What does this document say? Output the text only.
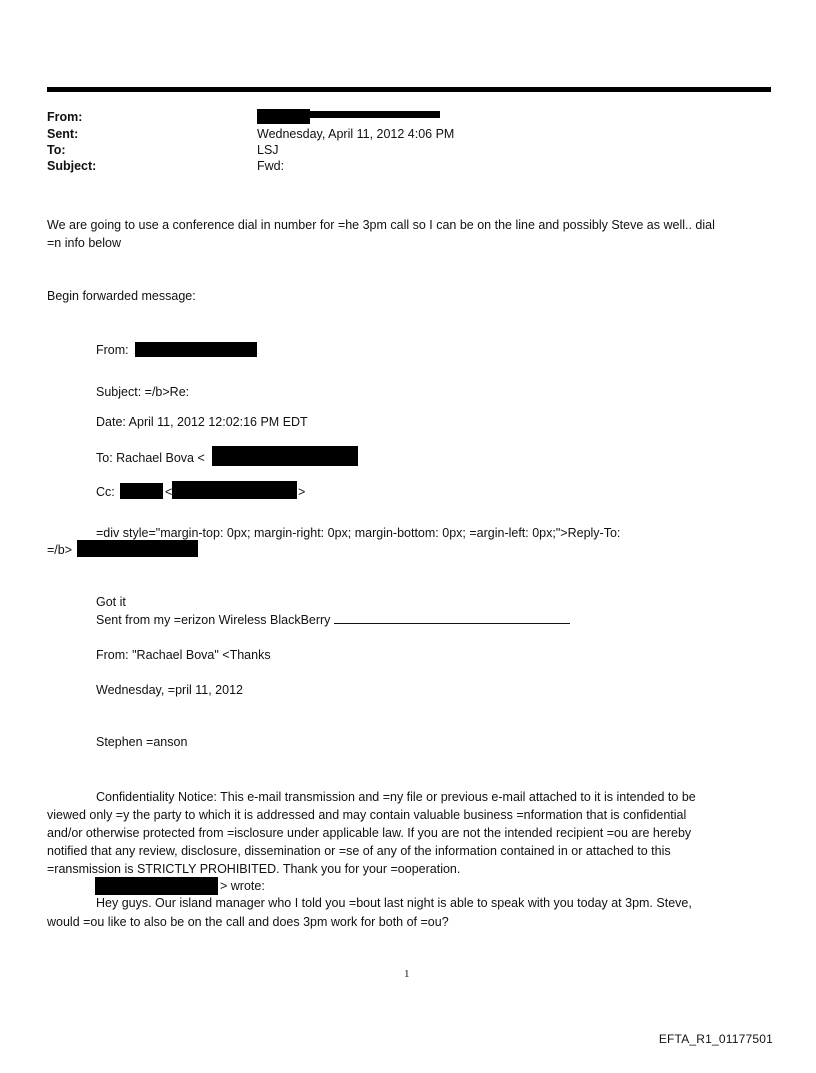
From:
Sent:	Wednesday, April 11, 2012 4:06 PM
To:	LSJ
Subject:	Fwd:
We are going to use a conference dial in number for =he 3pm call so I can be on the line and possibly Steve as well.. dial
=n info below
Begin forwarded message:
From:
Subject: =/b>Re:
Date: April 11, 2012 12:02:16 PM EDT
To: Rachael Bova <
Cc:	<	>
=div style="margin-top: 0px; margin-right: 0px; margin-bottom: 0px; =argin-left: 0px;">Reply-To:
=/b>
Got it
Sent from my =erizon Wireless BlackBerry
From: "Rachael Bova" <Thanks
Wednesday, =pril 11, 2012
Stephen =anson
Confidentiality Notice: This e-mail transmission and =ny file or previous e-mail attached to it is intended to be
viewed only =y the party to which it is addressed and may contain valuable business =nformation that is confidential
and/or otherwise protected from =isclosure under applicable law. If you are not the intended recipient =ou are hereby
notified that any review, disclosure, dissemination or =se of any of the information contained in or attached to this
=ransmission is STRICTLY PROHIBITED. Thank you for your =ooperation.
> wrote:
Hey guys. Our island manager who I told you =bout last night is able to speak with you today at 3pm. Steve,
would =ou like to also be on the call and does 3pm work for both of =ou?
1
EFTA_R1_01177501
